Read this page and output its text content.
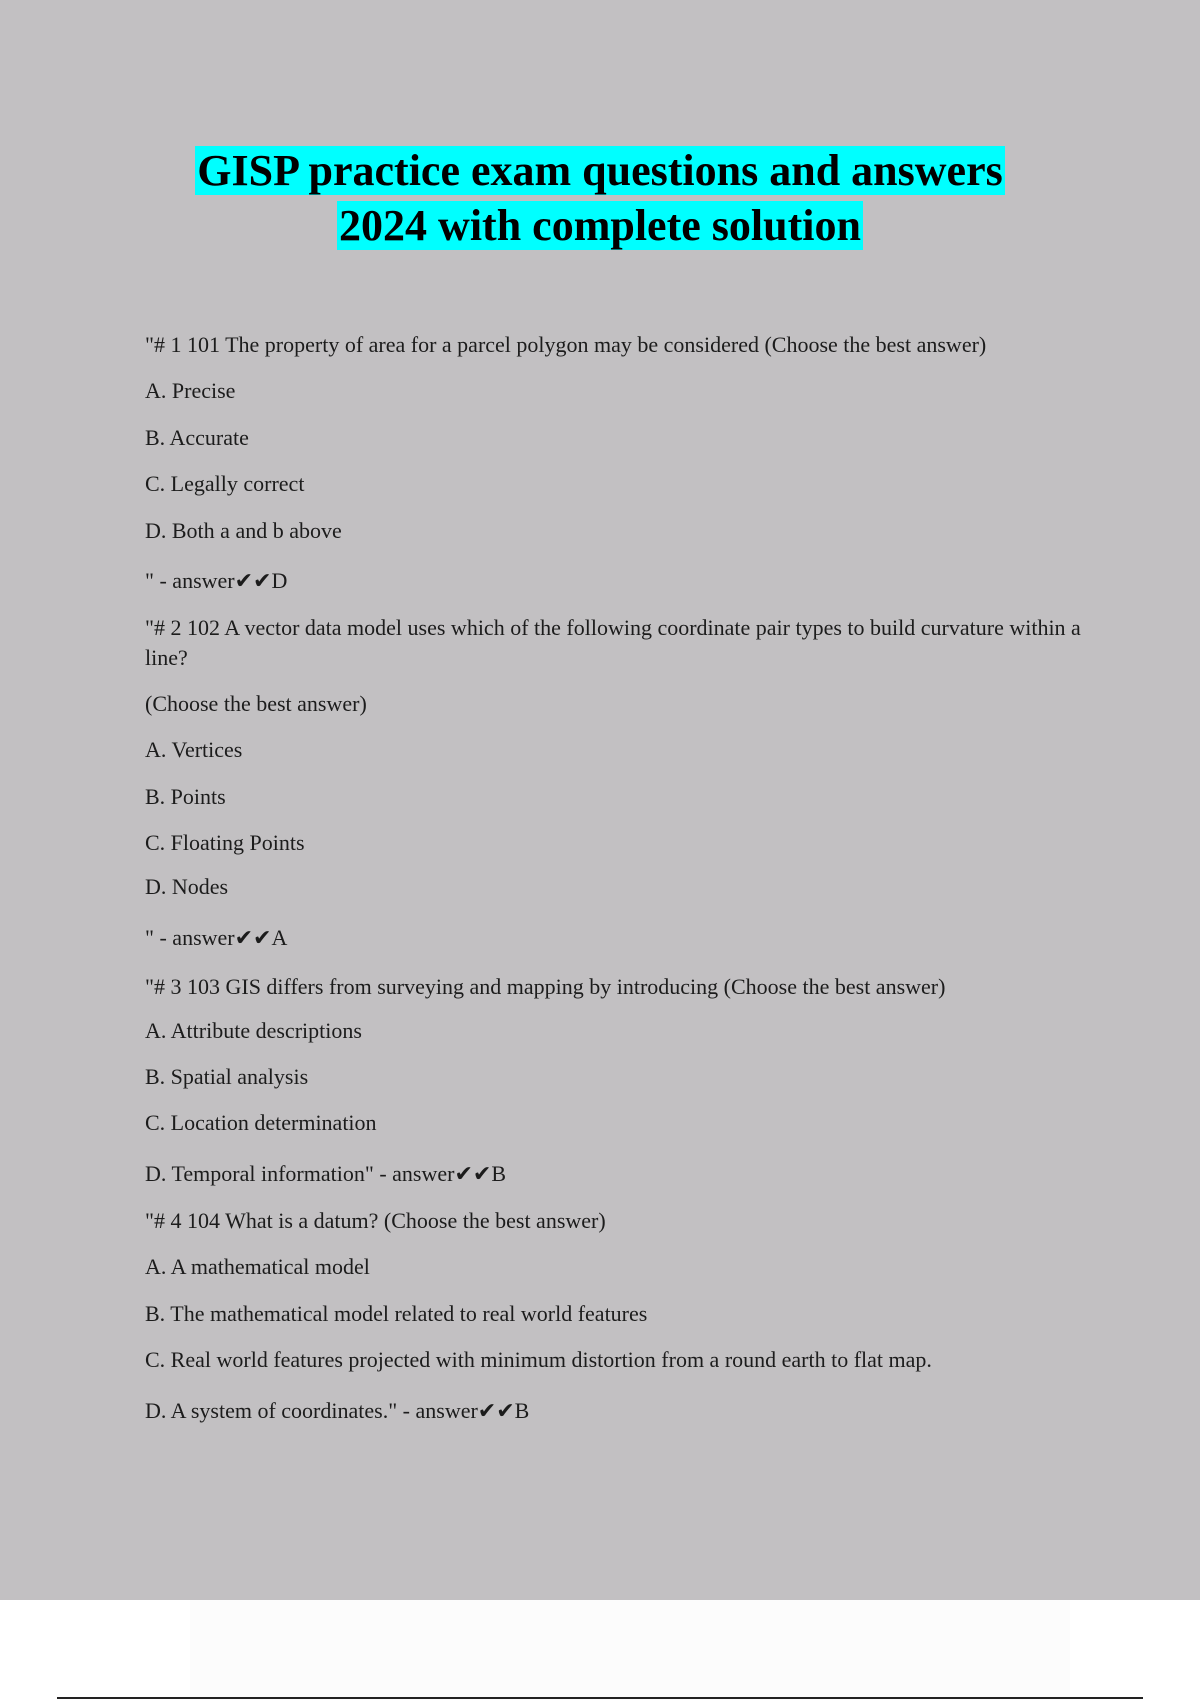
GISP practice exam questions and answers
2024 with complete solution
"# 1 101 The property of area for a parcel polygon may be considered (Choose the best answer)
A. Precise
B. Accurate
C. Legally correct
D. Both a and b above
" - answer✔✔D
"# 2 102 A vector data model uses which of the following coordinate pair types to build curvature within a line?
(Choose the best answer)
A. Vertices
B. Points
C. Floating Points
D. Nodes
" - answer✔✔A
"# 3 103 GIS differs from surveying and mapping by introducing (Choose the best answer)
A. Attribute descriptions
B. Spatial analysis
C. Location determination
D. Temporal information" - answer✔✔B
"# 4 104 What is a datum? (Choose the best answer)
A. A mathematical model
B. The mathematical model related to real world features
C. Real world features projected with minimum distortion from a round earth to flat map.
D. A system of coordinates." - answer✔✔B
